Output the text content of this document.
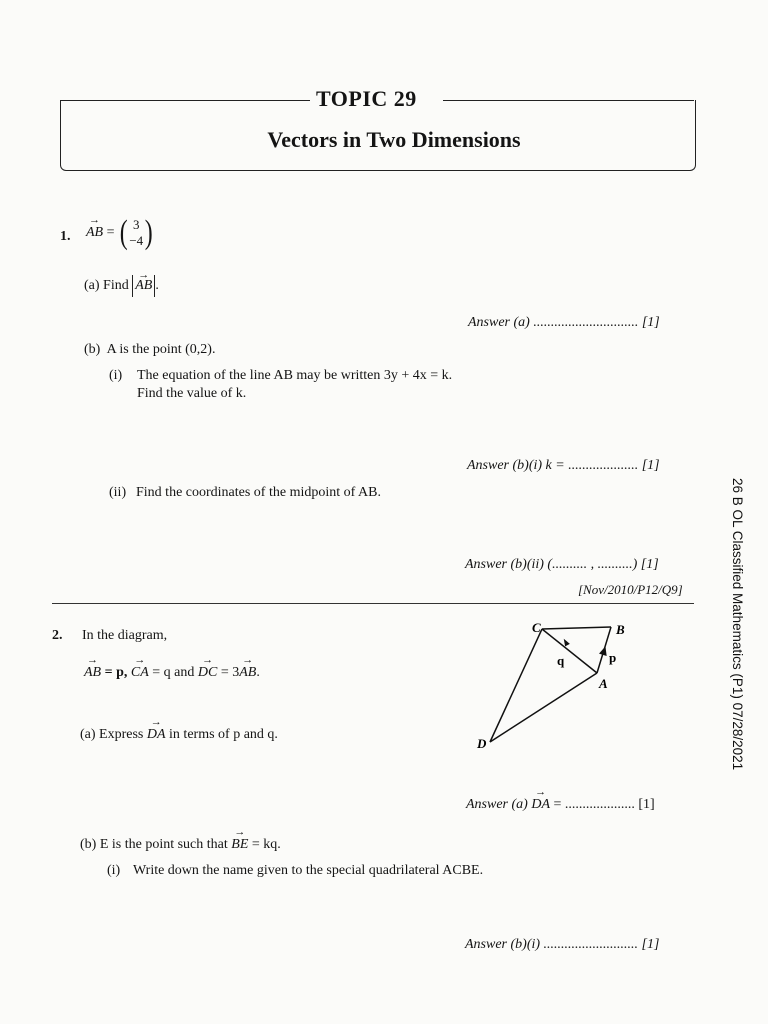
TOPIC 29
Vectors in Two Dimensions
1. → AB = ( 3
−4)
(a) Find → AB .
Answer (a) .............................. [1]
(b) A is the point (0,2).
(i) The equation of the line AB may be written 3y + 4x = k.
Find the value of k.
Answer (b)(i) k = .................... [1]
(ii) Find the coordinates of the midpoint of AB.
Answer (b)(ii) (.......... , ..........) [1]
[Nov/2010/P12/Q9]
2. In the diagram,
→ AB = p, → CA = q and → DC = 3→ AB.
(a) Express → DA in terms of p and q.
Answer (a) → DA = .................... [1]
(b) E is the point such that → BE = kq.
(i) Write down the name given to the special quadrilateral ACBE.
Answer (b)(i) ........................... [1]
C	B
A
D
q	p	26 B OL Classified Mathematics (P1) 07/28/2021
